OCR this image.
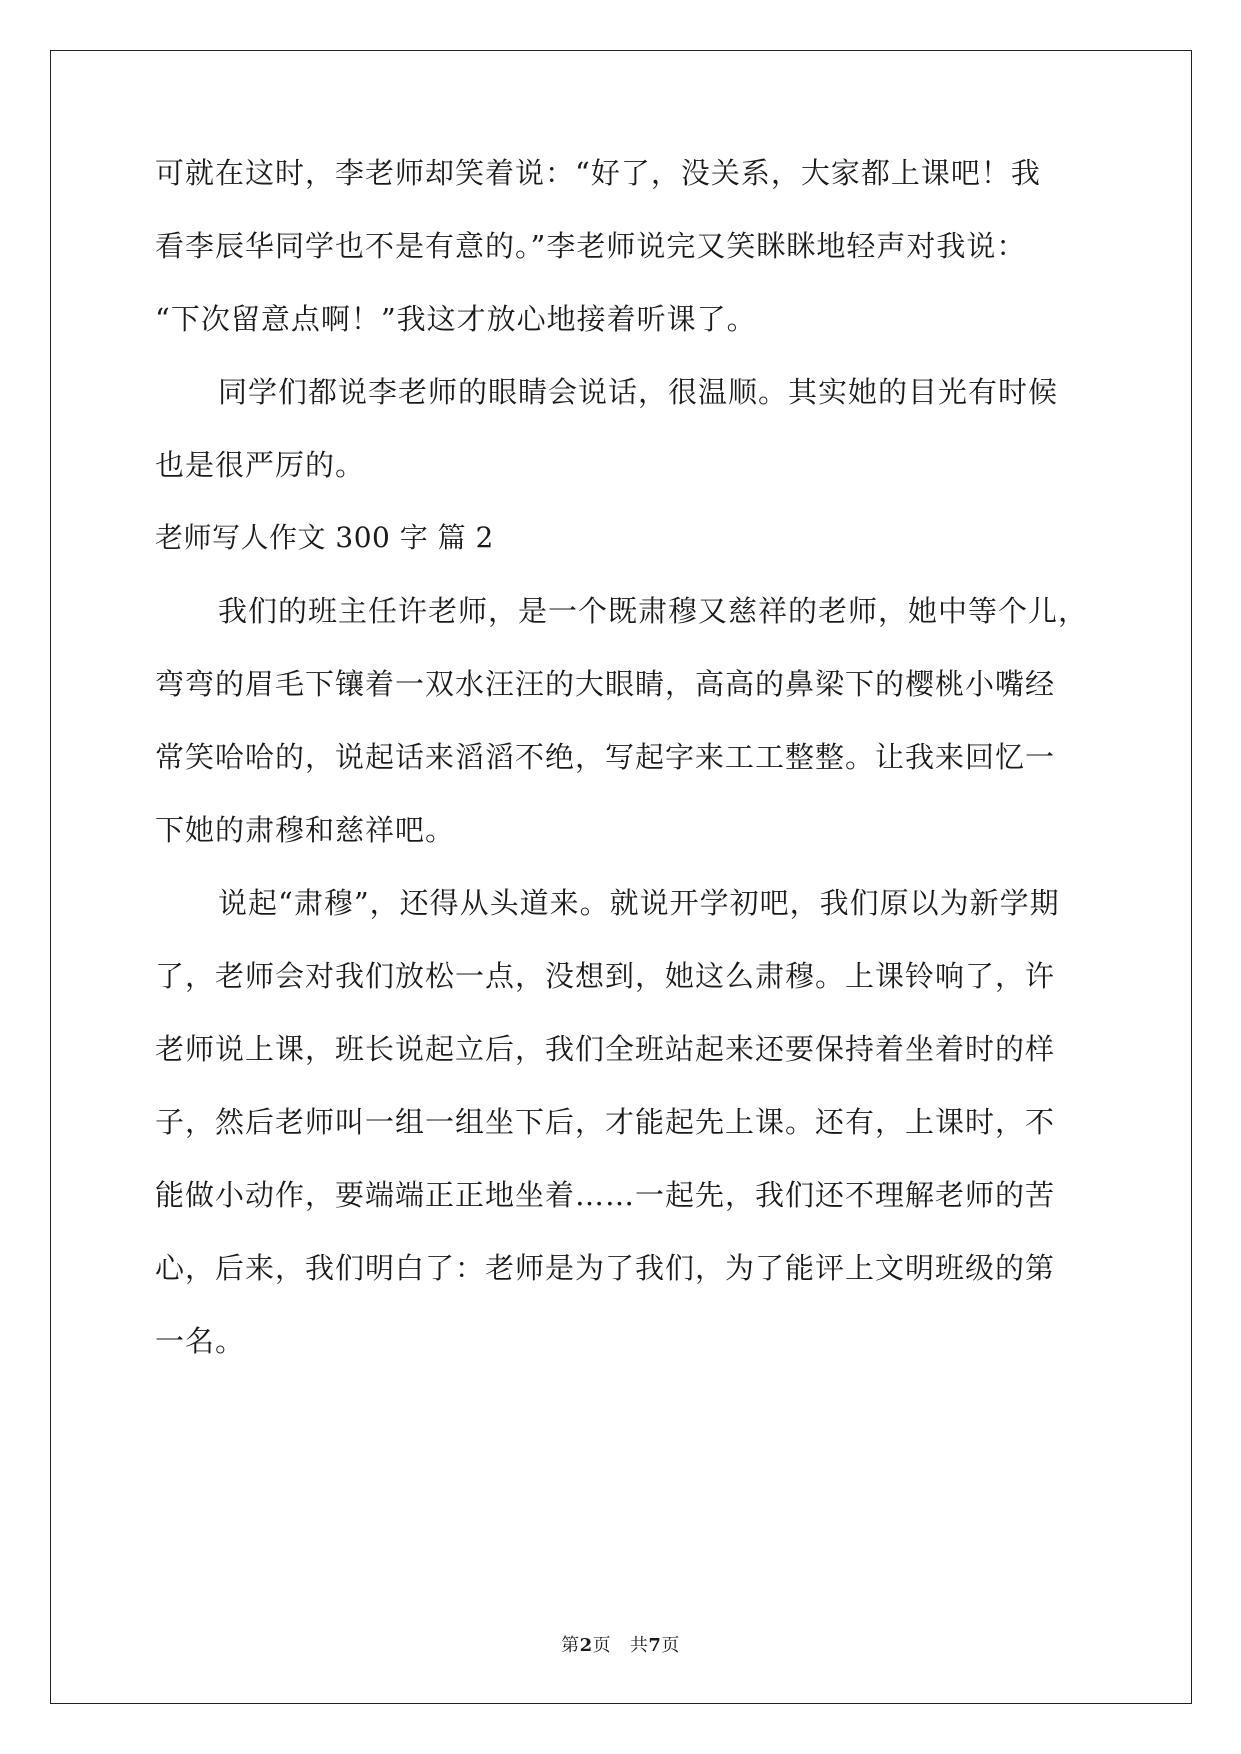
可就在这时，李老师却笑着说：“好了，没关系，大家都上课吧！我
看李辰华同学也不是有意的。”李老师说完又笑眯眯地轻声对我说：
“下次留意点啊！”我这才放心地接着听课了。
同学们都说李老师的眼睛会说话，很温顺。其实她的目光有时候
也是很严厉的。
老师写人作文 300 字 篇 2
我们的班主任许老师，是一个既肃穆又慈祥的老师，她中等个儿，
弯弯的眉毛下镶着一双水汪汪的大眼睛，高高的鼻梁下的樱桃小嘴经
常笑哈哈的，说起话来滔滔不绝，写起字来工工整整。让我来回忆一
下她的肃穆和慈祥吧。
说起“肃穆”，还得从头道来。就说开学初吧，我们原以为新学期
了，老师会对我们放松一点，没想到，她这么肃穆。上课铃响了，许
老师说上课，班长说起立后，我们全班站起来还要保持着坐着时的样
子，然后老师叫一组一组坐下后，才能起先上课。还有，上课时，不
能做小动作，要端端正正地坐着……一起先，我们还不理解老师的苦
心，后来，我们明白了：老师是为了我们，为了能评上文明班级的第
一名。
第2页 共7页
